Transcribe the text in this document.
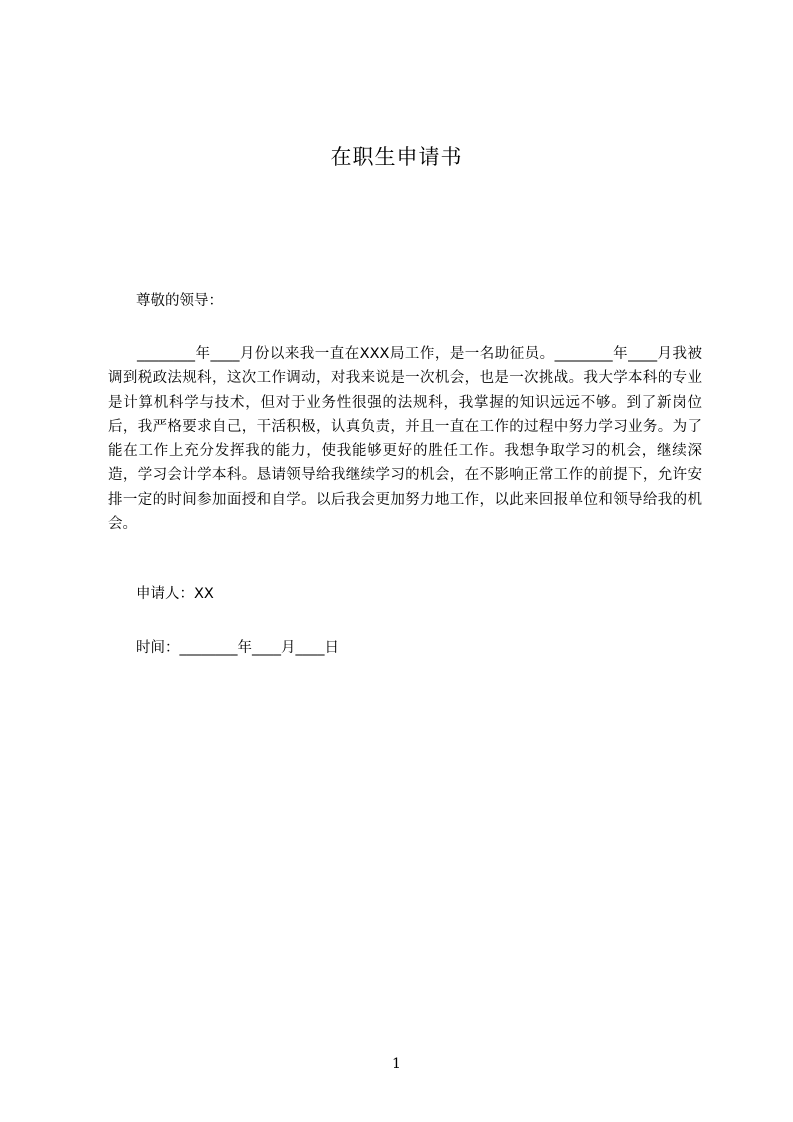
在职生申请书
尊敬的领导：

________年____月份以来我一直在XXX局工作，是一名助征员。________年____月我被调到税政法规科，这次工作调动，对我来说是一次机会，也是一次挑战。我大学本科的专业是计算机科学与技术，但对于业务性很强的法规科，我掌握的知识远远不够。到了新岗位后，我严格要求自己，干活积极，认真负责，并且一直在工作的过程中努力学习业务。为了能在工作上充分发挥我的能力，使我能够更好的胜任工作。我想争取学习的机会，继续深造，学习会计学本科。恳请领导给我继续学习的机会，在不影响正常工作的前提下，允许安排一定的时间参加面授和自学。以后我会更加努力地工作，以此来回报单位和领导给我的机会。

申请人：XX
时间：________年____月____日
1
